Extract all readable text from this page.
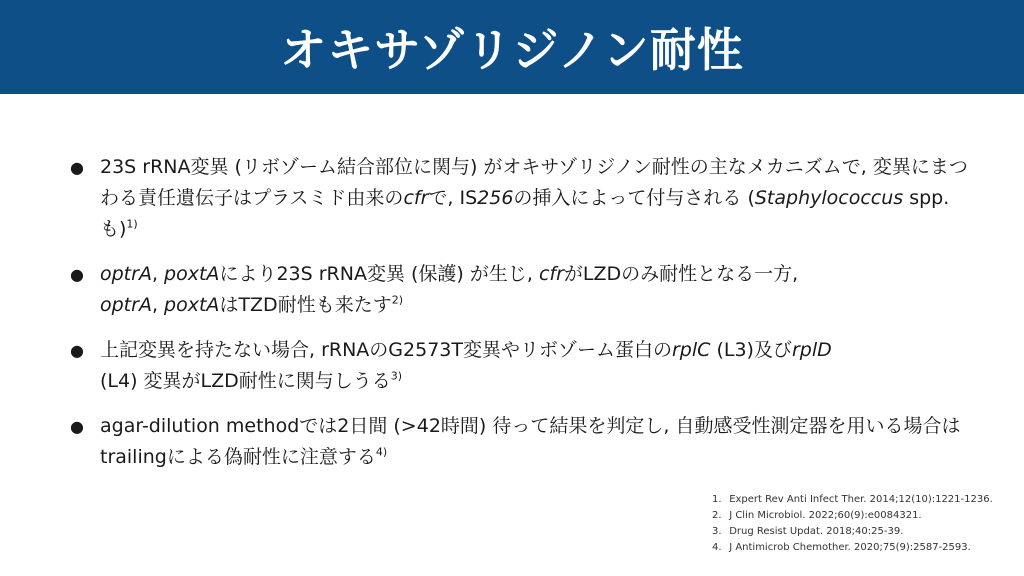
オキサゾリジノン耐性
● 23S rRNA変異 (リボゾーム結合部位に関与) がオキサゾリジノン耐性の主なメカニズムで, 変異にまつわる責任遺伝子はプラスミド由来のcfrで, IS256の挿入によって付与される (Staphylococcus spp.も)$^{1)}$
● optrA, poxtAにより23S rRNA変異 (保護) が生じ, cfrがLZDのみ耐性となる一方,
optrA, poxtAはTZD耐性も来たす$^{2)}$
● 上記変異を持たない場合, rRNAのG2573T変異やリボゾーム蛋白のrplC (L3)及びrplD
(L4) 変異がLZD耐性に関与しうる$^{3)}$
● agar-dilution methodでは2日間 (>42時間) 待って結果を判定し, 自動感受性測定器を用いる場合はtrailingによる偽耐性に注意する$^{4)}$
1. Expert Rev Anti Infect Ther. 2014;12(10):1221-1236.
2. J Clin Microbiol. 2022;60(9):e0084321.
3. Drug Resist Updat. 2018;40:25-39.
4. J Antimicrob Chemother. 2020;75(9):2587-2593.
